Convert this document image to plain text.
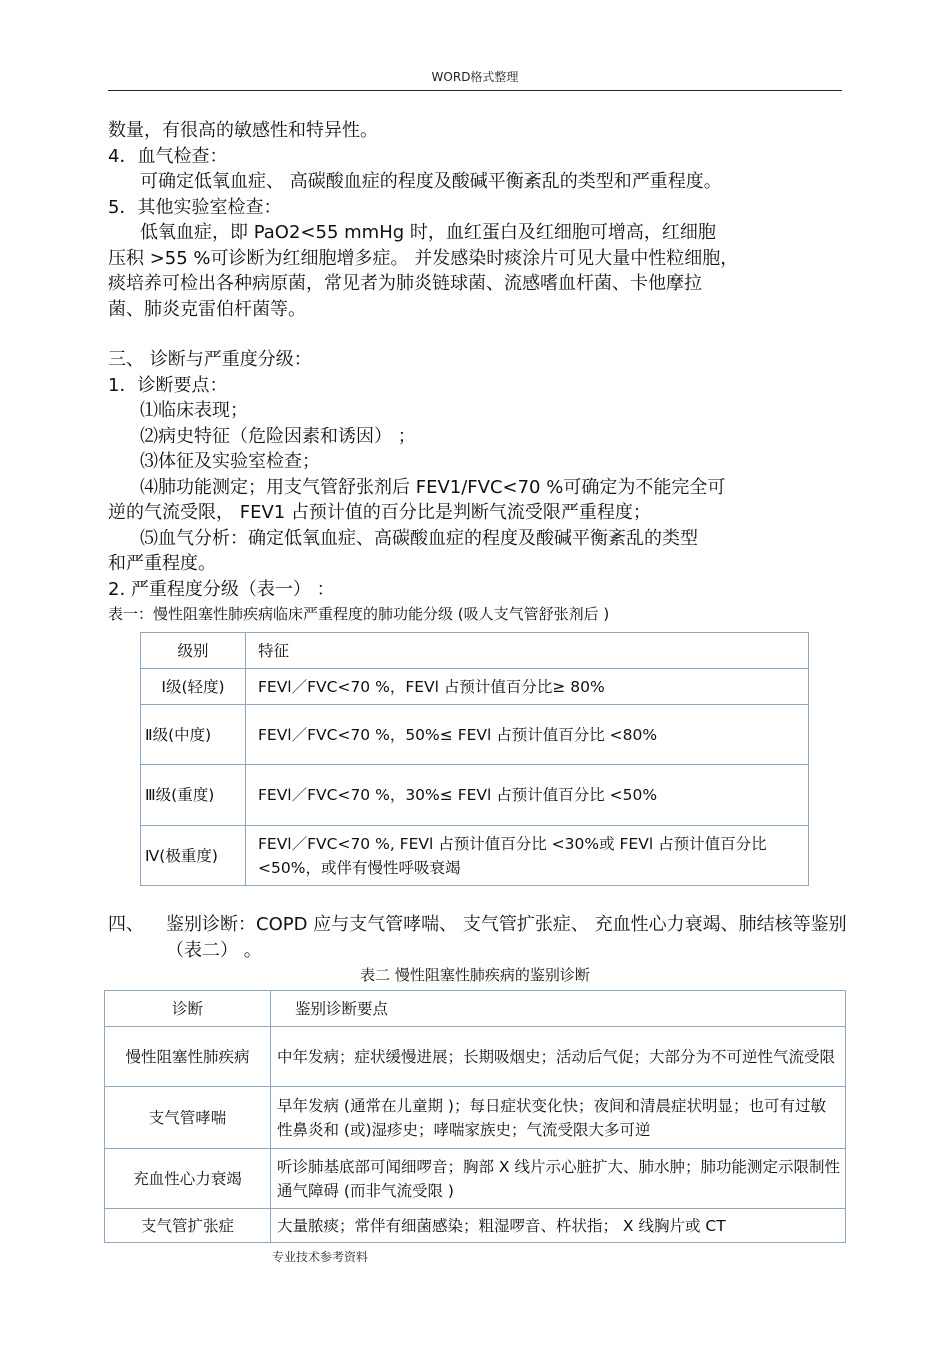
WORD格式整理

数量，有很高的敏感性和特异性。

4．血气检查：

可确定低氧血症、 高碳酸血症的程度及酸碱平衡紊乱的类型和严重程度。

5．其他实验室检查：

低氧血症，即 PaO2<55 mmHg 时，血红蛋白及红细胞可增高，红细胞

压积 >55 %可诊断为红细胞增多症。 并发感染时痰涂片可见大量中性粒细胞，

痰培养可检出各种病原菌，常见者为肺炎链球菌、流感嗜血杆菌、卡他摩拉

菌、肺炎克雷伯杆菌等。

三、 诊断与严重度分级：

1．诊断要点：

⑴临床表现；

⑵病史特征（危险因素和诱因） ；

⑶体征及实验室检查；

⑷肺功能测定；用支气管舒张剂后 FEV1/FVC<70 %可确定为不能完全可

逆的气流受限， FEV1 占预计值的百分比是判断气流受限严重程度；

⑸血气分析：确定低氧血症、高碳酸血症的程度及酸碱平衡紊乱的类型

和严重程度。

2. 严重程度分级（表一） ：

表一：慢性阻塞性肺疾病临床严重程度的肺功能分级 (吸人支气管舒张剂后 )

级别	特征
Ⅰ级(轻度)	FEVl／FVC<70 %，FEVl 占预计值百分比≥ 80%
Ⅱ级(中度)	FEVl／FVC<70 %，50%≤ FEVl 占预计值百分比 <80%
Ⅲ级(重度)	FEVl／FVC<70 %，30%≤ FEVl 占预计值百分比 <50%
Ⅳ(极重度)	FEVl／FVC<70 %, FEVl 占预计值百分比 <30%或 FEVl 占预计值百分比<50%，或伴有慢性呼吸衰竭
四、 鉴别诊断：COPD 应与支气管哮喘、 支气管扩张症、 充血性心力衰竭、肺结核等鉴别（表二） 。
表二 慢性阻塞性肺疾病的鉴别诊断
诊断	鉴别诊断要点
慢性阻塞性肺疾病	中年发病；症状缓慢进展；长期吸烟史；活动后气促；大部分为不可逆性气流受限
支气管哮喘	早年发病 (通常在儿童期 )；每日症状变化快；夜间和清晨症状明显；也可有过敏性鼻炎和 (或)湿疹史；哮喘家族史；气流受限大多可逆
充血性心力衰竭	听诊肺基底部可闻细啰音；胸部 X 线片示心脏扩大、肺水肿；肺功能测定示限制性通气障碍 (而非气流受限 )
支气管扩张症	大量脓痰；常伴有细菌感染；粗湿啰音、杵状指； X 线胸片或 CT
专业技术参考资料
